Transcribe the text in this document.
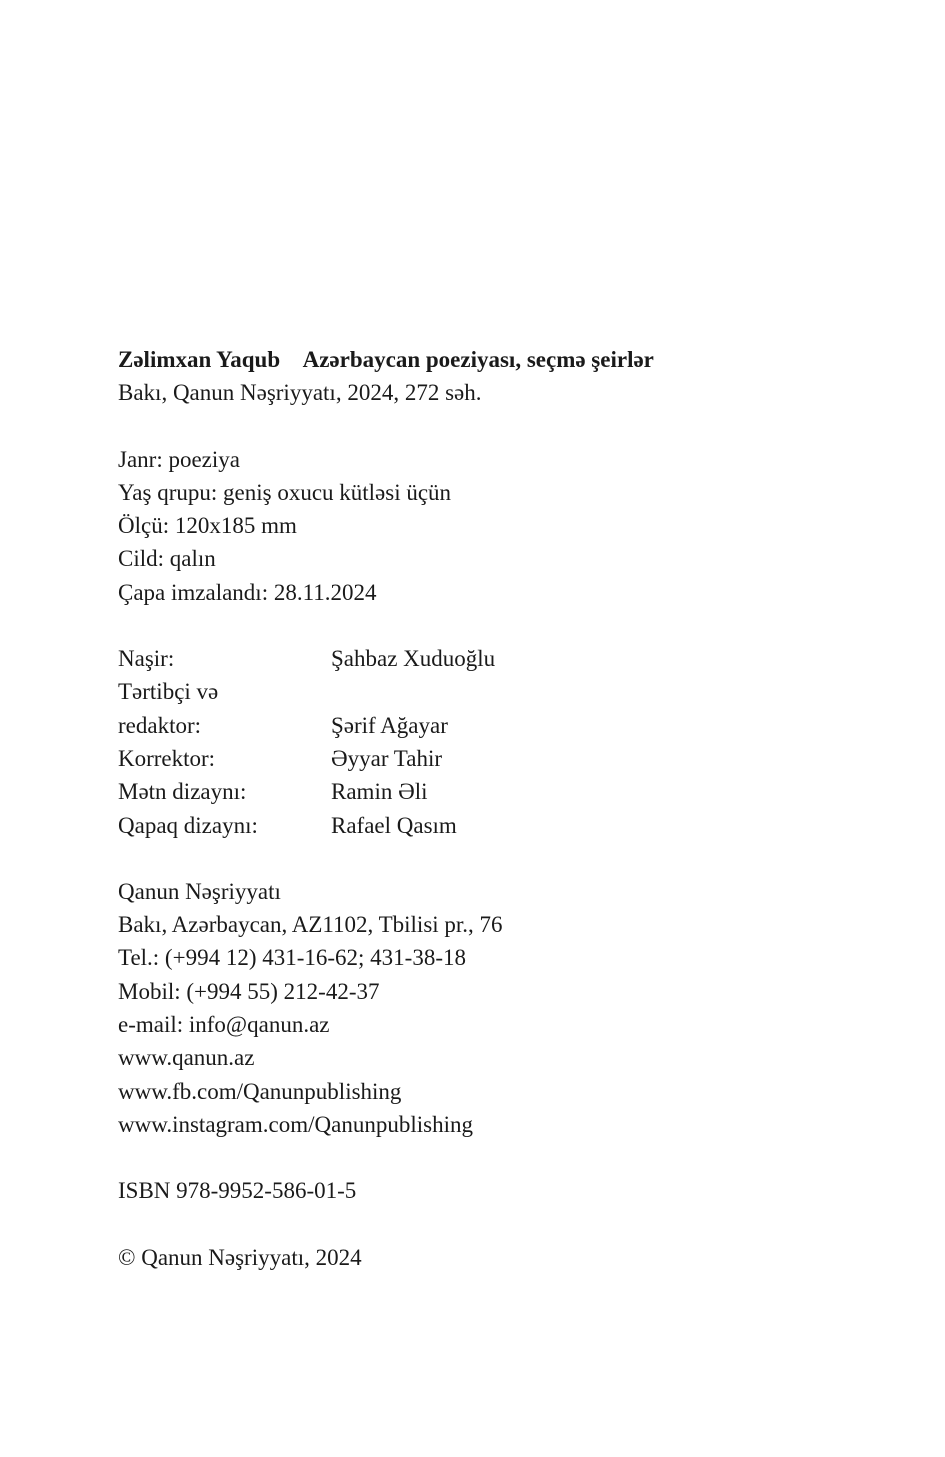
Zəlimxan Yaqub Azərbaycan poeziyası, seçmə şeirlər
Bakı, Qanun Nəşriyyatı, 2024, 272 səh.
Janr: poeziya
Yaş qrupu: geniş oxucu kütləsi üçün
Ölçü: 120x185 mm
Cild: qalın
Çapa imzalandı: 28.11.2024
Naşir:	Şahbaz Xuduoğlu
Tərtibçi və
redaktor:	Şərif Ağayar
Korrektor:	Əyyar Tahir
Mətn dizaynı:	Ramin Əli
Qapaq dizaynı:	Rafael Qasım
Qanun Nəşriyyatı
Bakı, Azərbaycan, AZ1102, Tbilisi pr., 76
Tel.: (+994 12) 431-16-62; 431-38-18
Mobil: (+994 55) 212-42-37
e-mail: info@qanun.az
www.qanun.az
www.fb.com/Qanunpublishing
www.instagram.com/Qanunpublishing
ISBN 978-9952-586-01-5
© Qanun Nəşriyyatı, 2024
